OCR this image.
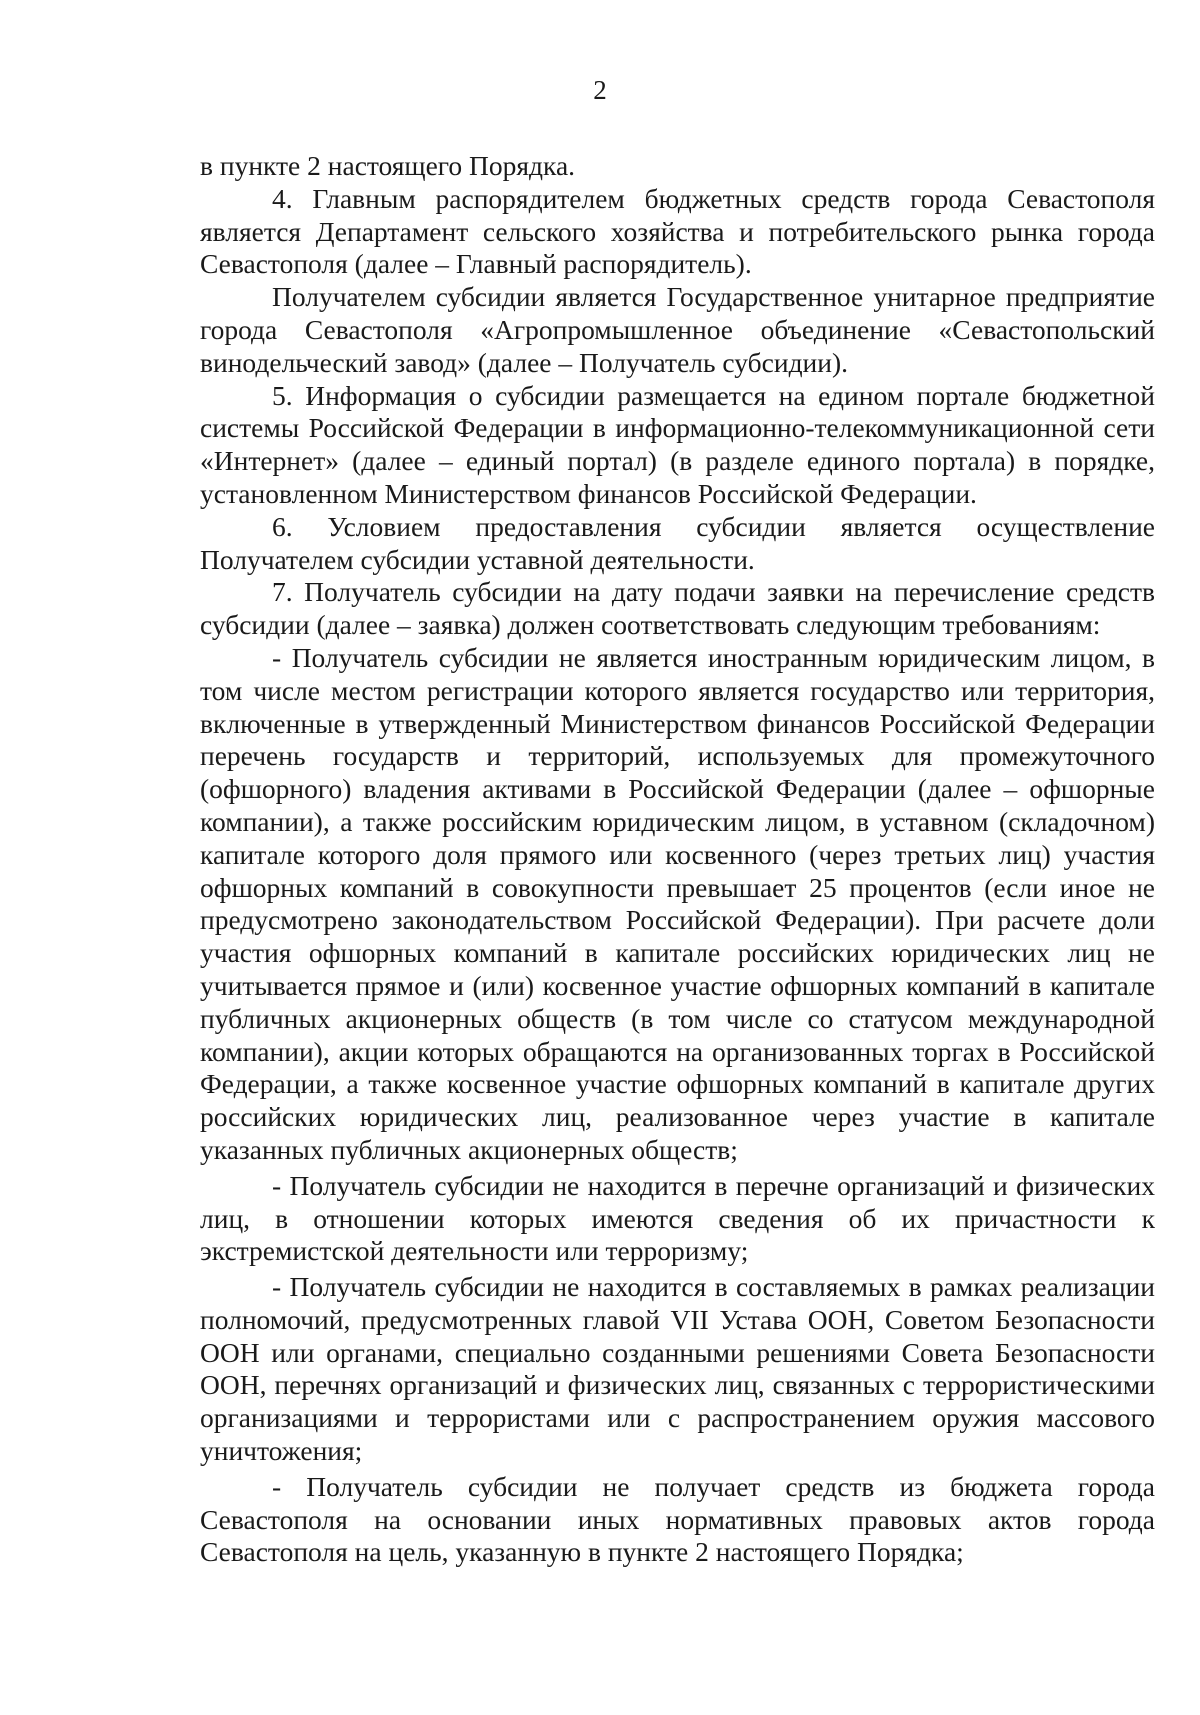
2

в пункте 2 настоящего Порядка.

4. Главным распорядителем бюджетных средств города Севастополя является Департамент сельского хозяйства и потребительского рынка города Севастополя (далее – Главный распорядитель).

Получателем субсидии является Государственное унитарное предприятие города Севастополя «Агропромышленное объединение «Севастопольский винодельческий завод» (далее – Получатель субсидии).

5. Информация о субсидии размещается на едином портале бюджетной системы Российской Федерации в информационно-телекоммуникационной сети «Интернет» (далее – единый портал) (в разделе единого портала) в порядке, установленном Министерством финансов Российской Федерации.

6. Условием предоставления субсидии является осуществление Получателем субсидии уставной деятельности.

7. Получатель субсидии на дату подачи заявки на перечисление средств субсидии (далее – заявка) должен соответствовать следующим требованиям:

- Получатель субсидии не является иностранным юридическим лицом, в том числе местом регистрации которого является государство или территория, включенные в утвержденный Министерством финансов Российской Федерации перечень государств и территорий, используемых для промежуточного (офшорного) владения активами в Российской Федерации (далее – офшорные компании), а также российским юридическим лицом, в уставном (складочном) капитале которого доля прямого или косвенного (через третьих лиц) участия офшорных компаний в совокупности превышает 25 процентов (если иное не предусмотрено законодательством Российской Федерации). При расчете доли участия офшорных компаний в капитале российских юридических лиц не учитывается прямое и (или) косвенное участие офшорных компаний в капитале публичных акционерных обществ (в том числе со статусом международной компании), акции которых обращаются на организованных торгах в Российской Федерации, а также косвенное участие офшорных компаний в капитале других российских юридических лиц, реализованное через участие в капитале указанных публичных акционерных обществ;

- Получатель субсидии не находится в перечне организаций и физических лиц, в отношении которых имеются сведения об их причастности к экстремистской деятельности или терроризму;

- Получатель субсидии не находится в составляемых в рамках реализации полномочий, предусмотренных главой VII Устава ООН, Советом Безопасности ООН или органами, специально созданными решениями Совета Безопасности ООН, перечнях организаций и физических лиц, связанных с террористическими организациями и террористами или с распространением оружия массового уничтожения;

- Получатель субсидии не получает средств из бюджета города Севастополя на основании иных нормативных правовых актов города Севастополя на цель, указанную в пункте 2 настоящего Порядка;
